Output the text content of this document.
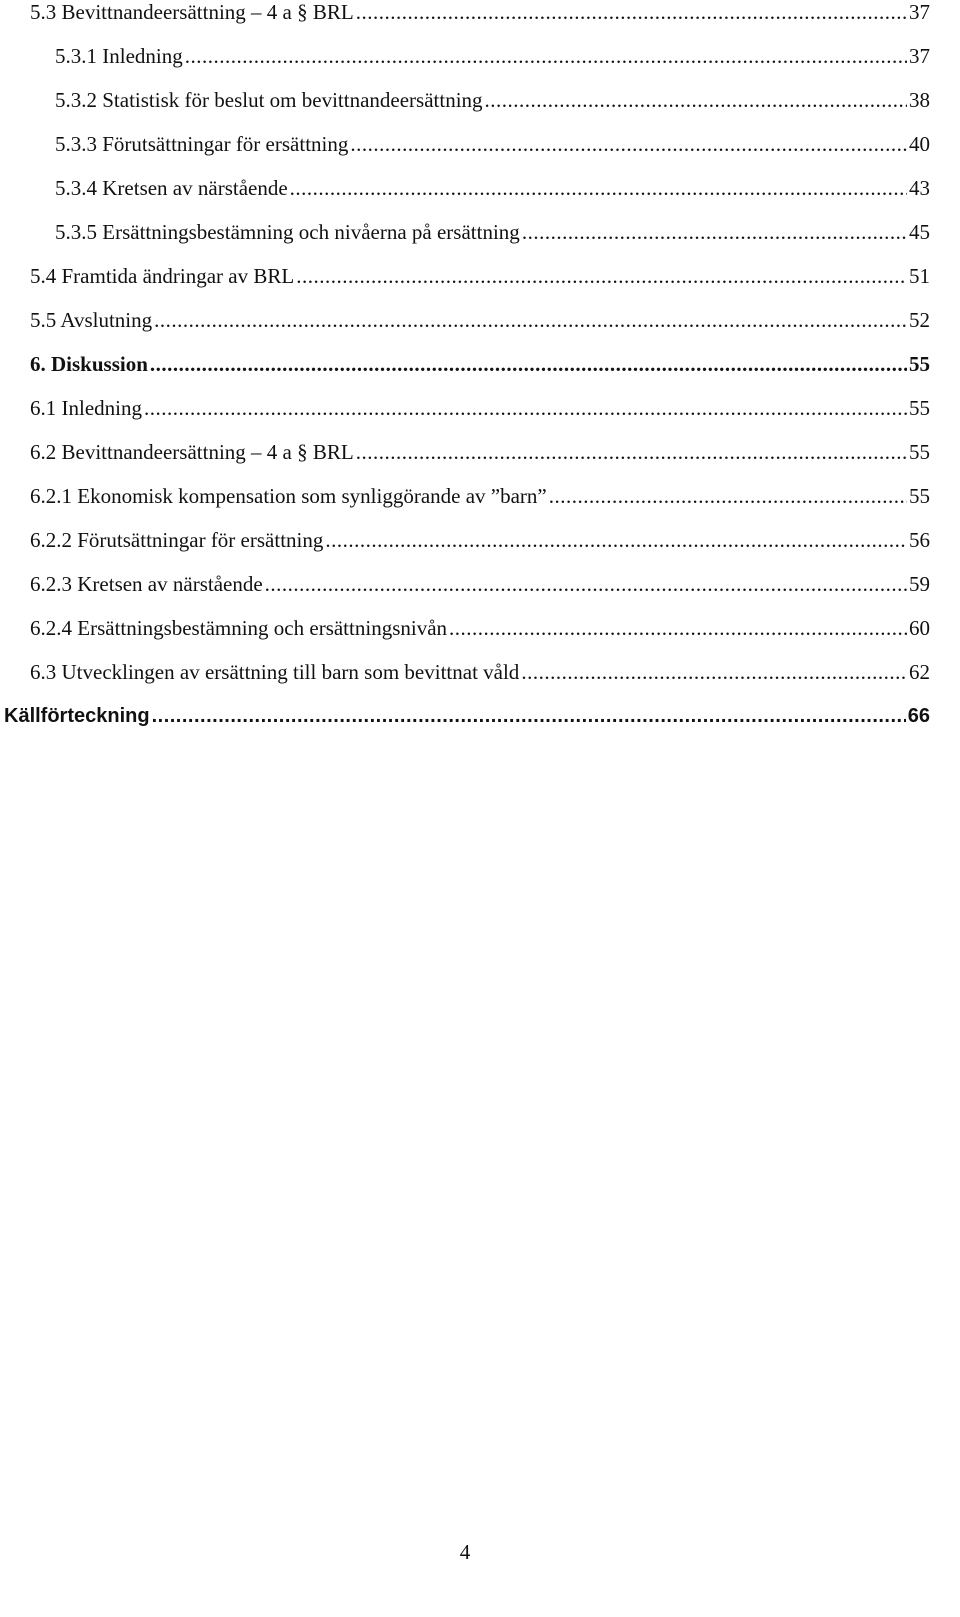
5.3 Bevittnandeersättning – 4 a § BRL .....	37
5.3.1 Inledning .....	37
5.3.2 Statistisk för beslut om bevittnandeersättning .....	38
5.3.3 Förutsättningar för ersättning .....	40
5.3.4 Kretsen av närstående .....	43
5.3.5 Ersättningsbestämning och nivåerna på ersättning .....	45
5.4 Framtida ändringar av BRL .....	51
5.5 Avslutning .....	52
6. Diskussion .....	55
6.1 Inledning .....	55
6.2 Bevittnandeersättning – 4 a § BRL .....	55
6.2.1 Ekonomisk kompensation som synliggörande av ”barn” .....	55
6.2.2 Förutsättningar för ersättning .....	56
6.2.3 Kretsen av närstående .....	59
6.2.4 Ersättningsbestämning och ersättningsnivån .....	60
6.3 Utvecklingen av ersättning till barn som bevittnat våld .....	62
Källförteckning .....	66
4
